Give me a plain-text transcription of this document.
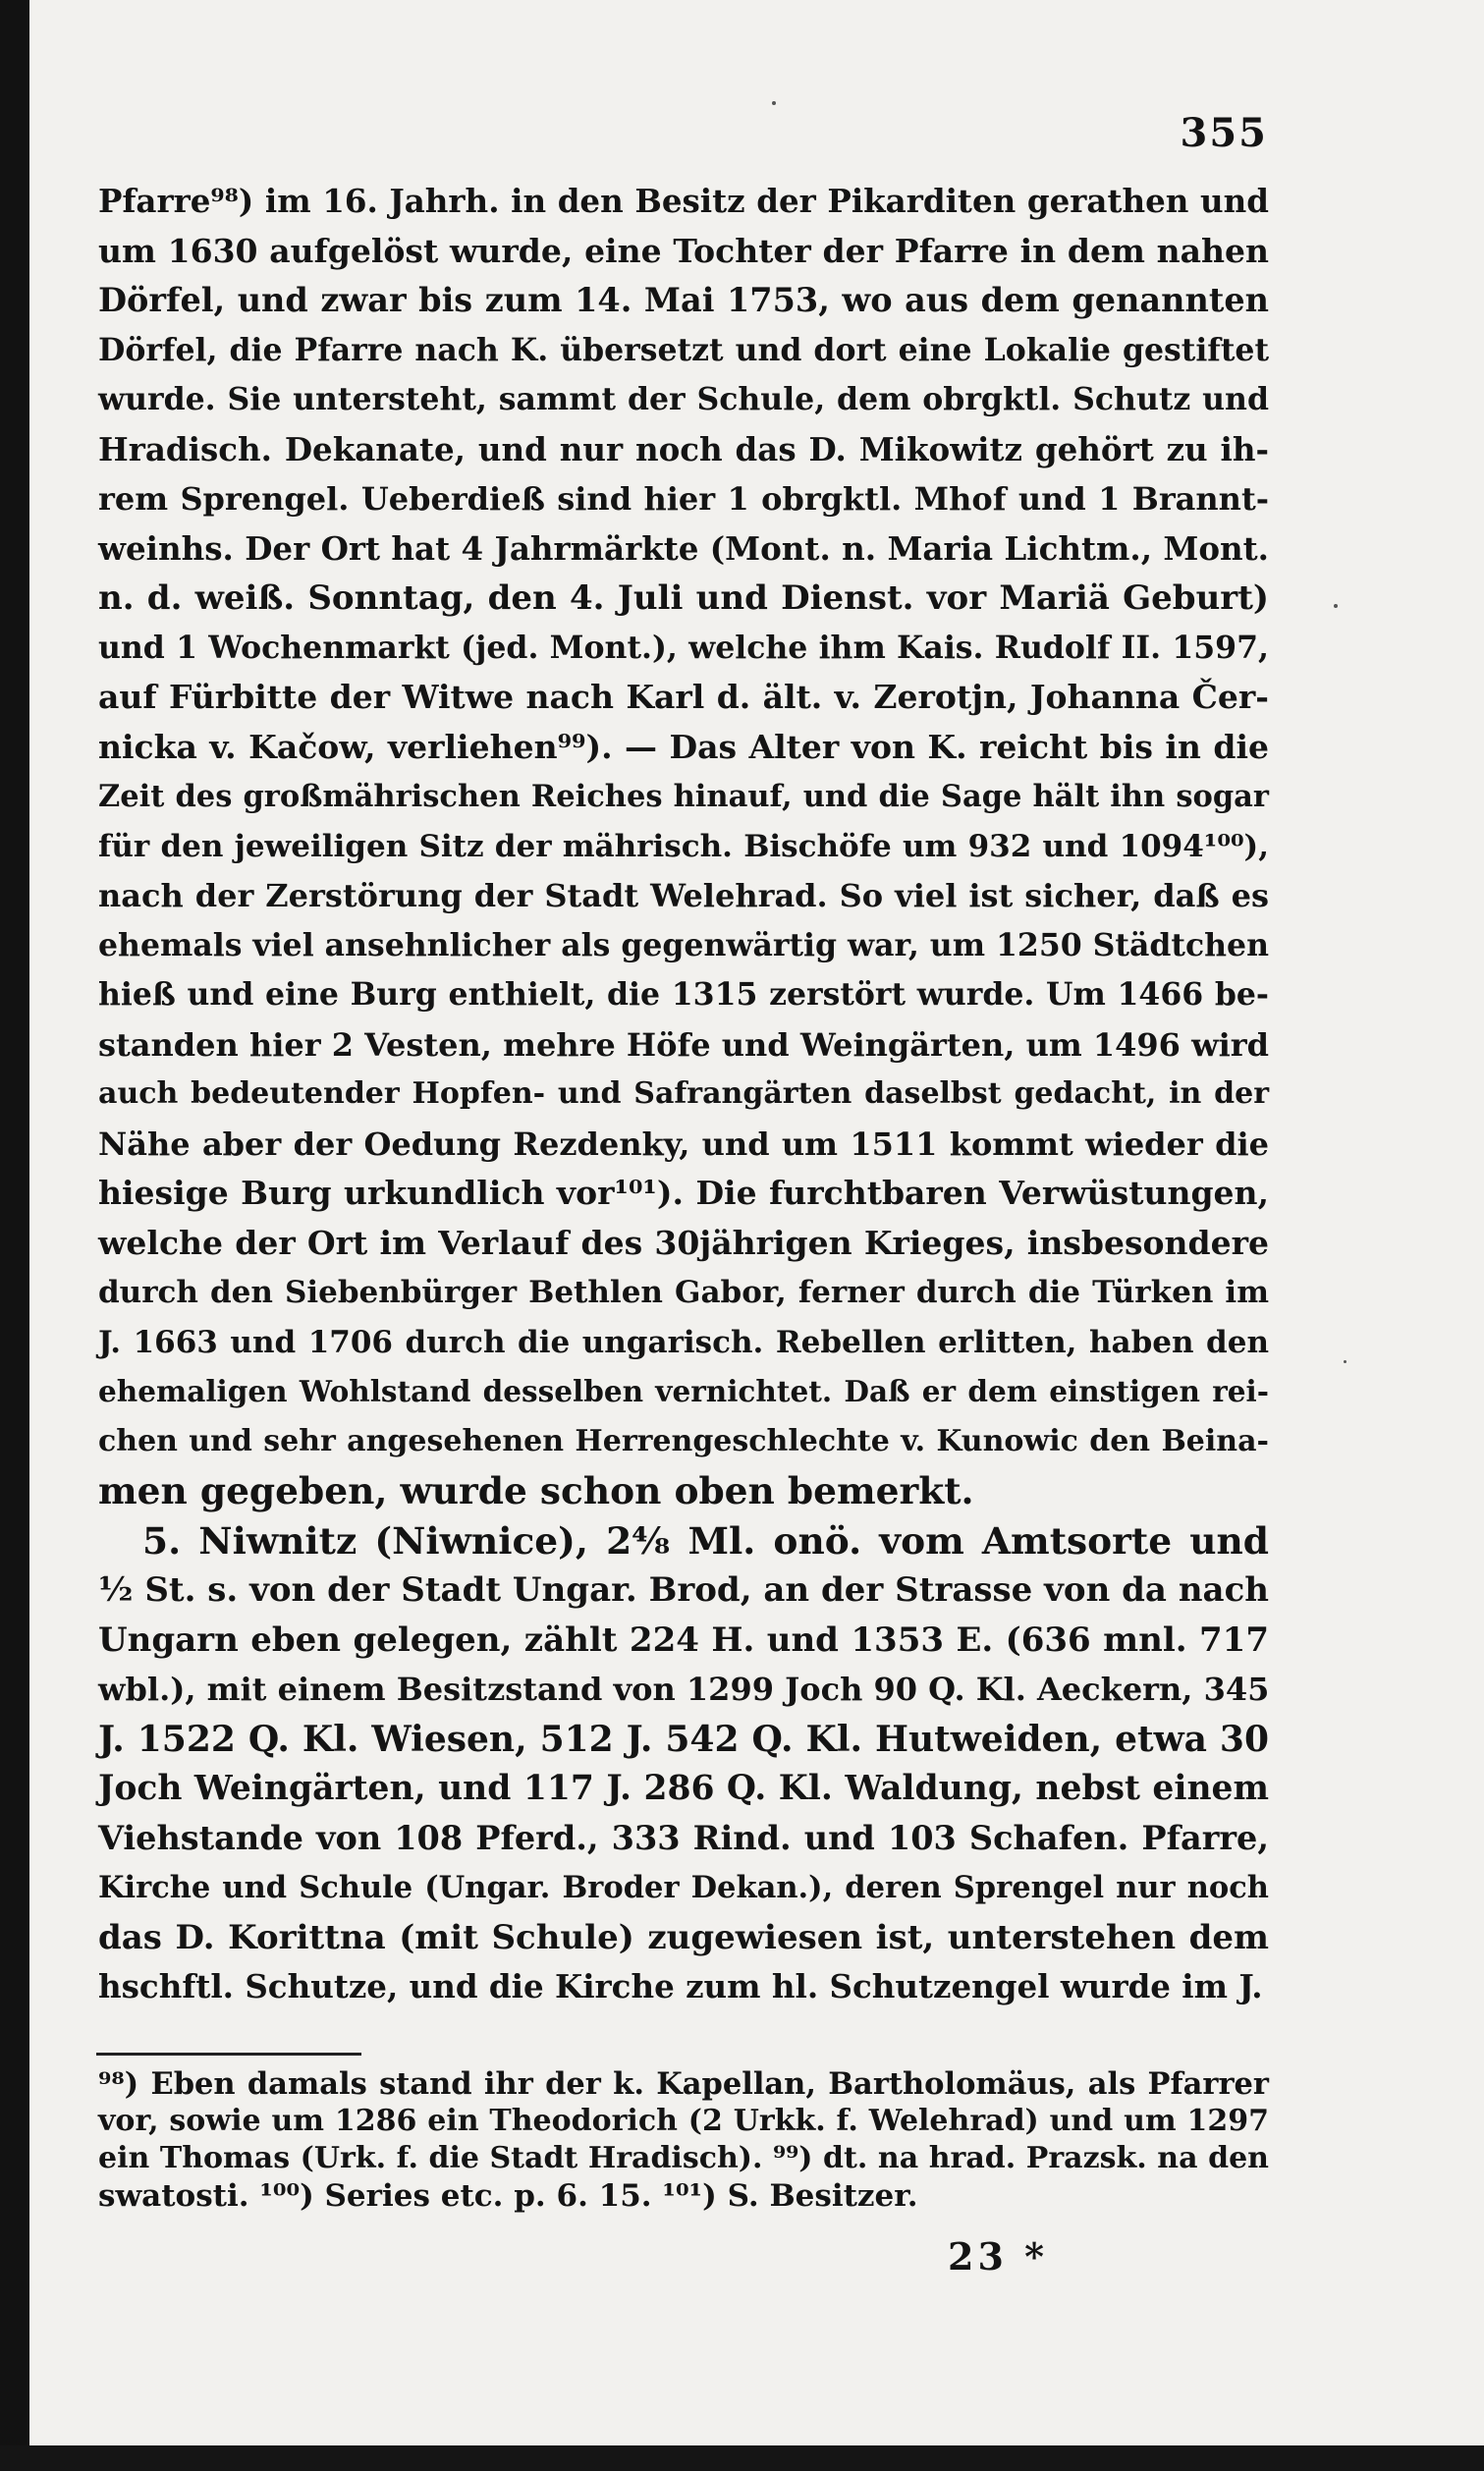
355
Pfarre⁹⁸) im 16. Jahrh. in den Besitz der Pikarditen gerathen und
um 1630 aufgelöst wurde, eine Tochter der Pfarre in dem nahen
Dörfel, und zwar bis zum 14. Mai 1753, wo aus dem genannten
Dörfel, die Pfarre nach K. übersetzt und dort eine Lokalie gestiftet
wurde. Sie untersteht, sammt der Schule, dem obrgktl. Schutz und
Hradisch. Dekanate, und nur noch das D. Mikowitz gehört zu ih-
rem Sprengel. Ueberdieß sind hier 1 obrgktl. Mhof und 1 Brannt-
weinhs. Der Ort hat 4 Jahrmärkte (Mont. n. Maria Lichtm., Mont.
n. d. weiß. Sonntag, den 4. Juli und Dienst. vor Mariä Geburt)
und 1 Wochenmarkt (jed. Mont.), welche ihm Kais. Rudolf II. 1597,
auf Fürbitte der Witwe nach Karl d. ält. v. Zerotjn, Johanna Čer-
nicka v. Kačow, verliehen⁹⁹). — Das Alter von K. reicht bis in die
Zeit des großmährischen Reiches hinauf, und die Sage hält ihn sogar
für den jeweiligen Sitz der mährisch. Bischöfe um 932 und 1094¹⁰⁰),
nach der Zerstörung der Stadt Welehrad. So viel ist sicher, daß es
ehemals viel ansehnlicher als gegenwärtig war, um 1250 Städtchen
hieß und eine Burg enthielt, die 1315 zerstört wurde. Um 1466 be-
standen hier 2 Vesten, mehre Höfe und Weingärten, um 1496 wird
auch bedeutender Hopfen- und Safrangärten daselbst gedacht, in der
Nähe aber der Oedung Rezdenky, und um 1511 kommt wieder die
hiesige Burg urkundlich vor¹⁰¹). Die furchtbaren Verwüstungen,
welche der Ort im Verlauf des 30jährigen Krieges, insbesondere
durch den Siebenbürger Bethlen Gabor, ferner durch die Türken im
J. 1663 und 1706 durch die ungarisch. Rebellen erlitten, haben den
ehemaligen Wohlstand desselben vernichtet. Daß er dem einstigen rei-
chen und sehr angesehenen Herrengeschlechte v. Kunowic den Beina-
men gegeben, wurde schon oben bemerkt.
5. Niwnitz (Niwnice), 2⁴⁄₈ Ml. onö. vom Amtsorte und
½ St. s. von der Stadt Ungar. Brod, an der Strasse von da nach
Ungarn eben gelegen, zählt 224 H. und 1353 E. (636 mnl. 717
wbl.), mit einem Besitzstand von 1299 Joch 90 Q. Kl. Aeckern, 345
J. 1522 Q. Kl. Wiesen, 512 J. 542 Q. Kl. Hutweiden, etwa 30
Joch Weingärten, und 117 J. 286 Q. Kl. Waldung, nebst einem
Viehstande von 108 Pferd., 333 Rind. und 103 Schafen. Pfarre,
Kirche und Schule (Ungar. Broder Dekan.), deren Sprengel nur noch
das D. Korittna (mit Schule) zugewiesen ist, unterstehen dem
hschftl. Schutze, und die Kirche zum hl. Schutzengel wurde im J.
⁹⁸) Eben damals stand ihr der k. Kapellan, Bartholomäus, als Pfarrer
vor, sowie um 1286 ein Theodorich (2 Urkk. f. Welehrad) und um 1297
ein Thomas (Urk. f. die Stadt Hradisch). ⁹⁹) dt. na hrad. Prazsk. na den
swatosti. ¹⁰⁰) Series etc. p. 6. 15. ¹⁰¹) S. Besitzer.
23 *
